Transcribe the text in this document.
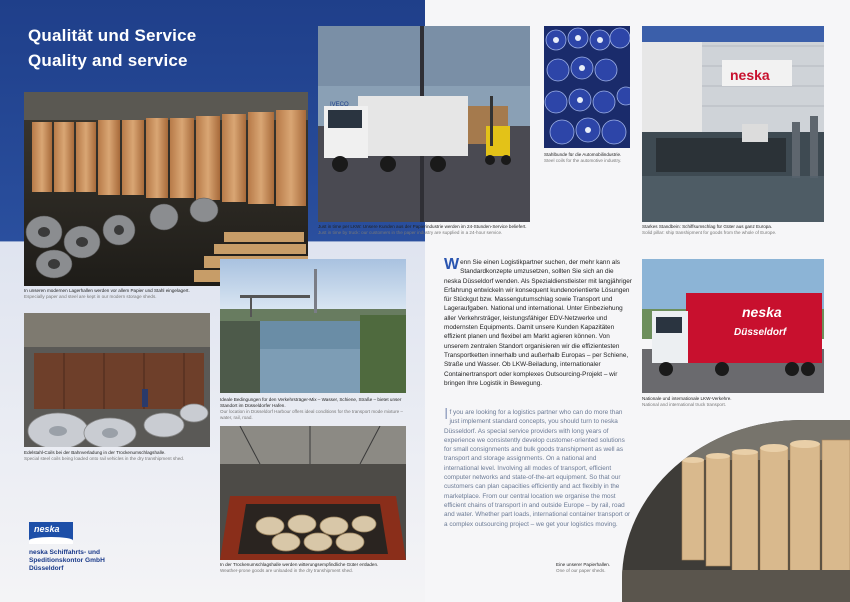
Qualität und Service
Quality and service
In unseren modernen Lagerhallen werden vor allem Papier und Stahl eingelagert.
Especially paper and steel are kept in our modern storage sheds.
IVECO
Just in time per LKW: Unsere Kunden aus der Papierindustrie werden im 24-Stunden-Service beliefert.
Just in time by truck: our customers in the paper industry are supplied in a 24-hour service.
Stahlbunde für die Automobilindustrie.
Steel coils for the automotive industry.
neska
Starkes Standbein: Schiffsumschlag für Güter aus ganz Europa.
Solid pillar: ship transhipment for goods from the whole of Europe.
Edelstahl-Coils bei der Bahnverladung in der Trockenumschlagshalle.
Special steel coils being loaded onto rail vehicles in the dry transhipment shed.
Ideale Bedingungen für den Verkehrsträger-Mix – Wasser, Schiene, Straße – bietet unser Standort im Düsseldorfer Hafen.
Our location in Düsseldorf Harbour offers ideal conditions for the transport mode mixture – water, rail, road.
In der Trockenumschlagshalle werden witterungsempfindliche Güter entladen.
Weather-prone goods are unloaded in the dry transhipment shed.
W enn Sie einen Logistikpartner suchen, der mehr kann als Standardkonzepte umzusetzen, sollten Sie sich an die neska Düsseldorf wenden. Als Spezialdienstleister mit langjähriger Erfahrung entwickeln wir konsequent kundenorientierte Lösungen für Stückgut bzw. Massengutumschlag sowie Transport und Lageraufgaben. National und international. Unter Einbeziehung aller Verkehrsträger, leistungsfähiger EDV-Netzwerke und modernsten Equipments. Damit unsere Kunden Kapazitäten effizient planen und flexibel am Markt agieren können. Von unserem zentralen Standort organisieren wir die effizientesten Transportketten innerhalb und außerhalb Europas – per Schiene, Straße und Wasser. Ob LKW-Beiladung, internationaler Containertransport oder komplexes Outsourcing-Projekt – wir bringen Ihre Logistik in Bewegung.
I f you are looking for a logistics partner who can do more than just implement standard concepts, you should turn to neska Düsseldorf. As special service providers with long years of experience we consistently develop customer-oriented solutions for small consignments and bulk goods transhipment as well as transport and storage assignments. On a national and international level. Involving all modes of transport, efficient computer networks and state-of-the-art equipment. So that our customers can plan capacities efficiently and act flexibly in the marketplace. From our central location we organise the most efficient chains of transport in and outside Europe – by rail, road and water. Whether part loads, international container transport or a complex outsourcing project – we get your logistics moving.
neska
Düsseldorf
Nationale und internationale LKW-Verkehre.
National and international truck transport.
Eine unserer Papierhallen.
One of our paper sheds.
neska
neska Schiffahrts- und
Speditionskontor GmbH
Düsseldorf
